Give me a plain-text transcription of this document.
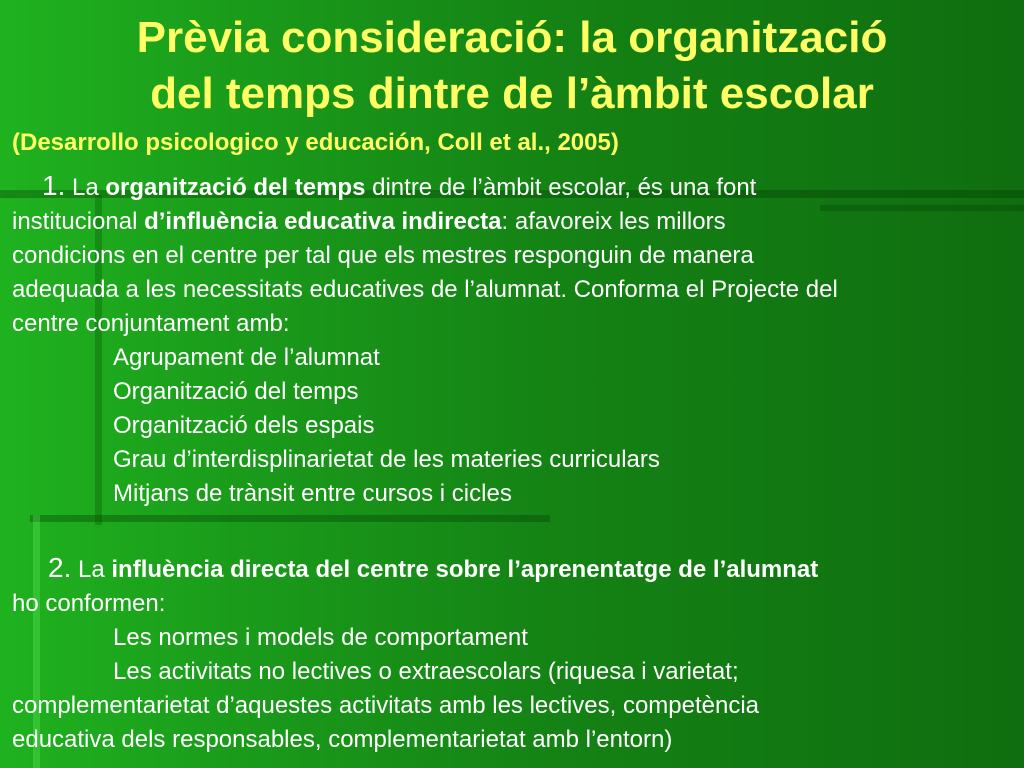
Prèvia consideració: la organització
del temps dintre de l’àmbit escolar
(Desarrollo psicologico y educación, Coll et al., 2005)
1. La organització del temps dintre de l’àmbit escolar, és una font
institucional d’influència educativa indirecta: afavoreix les millors
condicions en el centre per tal que els mestres responguin de manera
adequada a les necessitats educatives de l’alumnat. Conforma el Projecte del
centre conjuntament amb:
Agrupament de l’alumnat
Organització del temps
Organització dels espais
Grau d’interdisplinarietat de les materies curriculars
Mitjans de trànsit entre cursos i cicles
2. La influència directa del centre sobre l’aprenentatge de l’alumnat
ho conformen:
Les normes i models de comportament
Les activitats no lectives o extraescolars (riquesa i varietat;
complementarietat d’aquestes activitats amb les lectives, competència
educativa dels responsables, complementarietat amb l’entorn)
